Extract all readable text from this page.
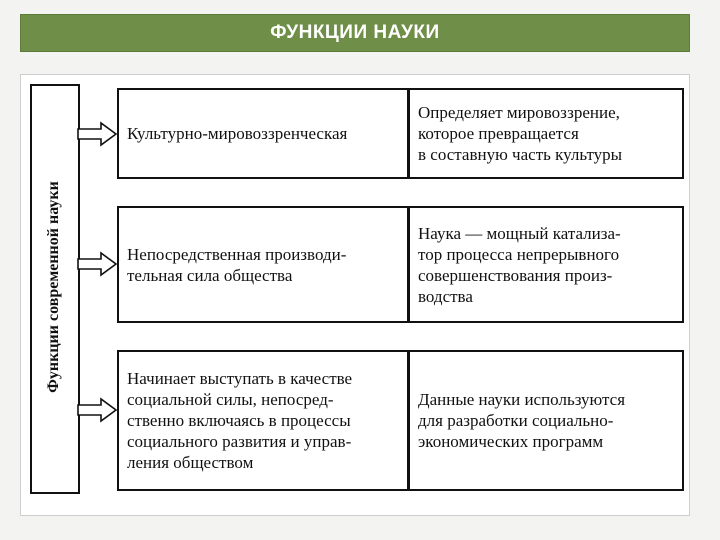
ФУНКЦИИ НАУКИ
Функции современной науки
Культурно-мировоззренческая
Определяет мировоззрение,
которое превращается
в составную часть культуры
Непосредственная производи-
тельная сила общества
Наука — мощный катализа-
тор процесса непрерывного
совершенствования произ-
водства
Начинает выступать в качестве
социальной силы, непосред-
ственно включаясь в процессы
социального развития и управ-
ления обществом
Данные науки используются
для разработки социально-
экономических программ
